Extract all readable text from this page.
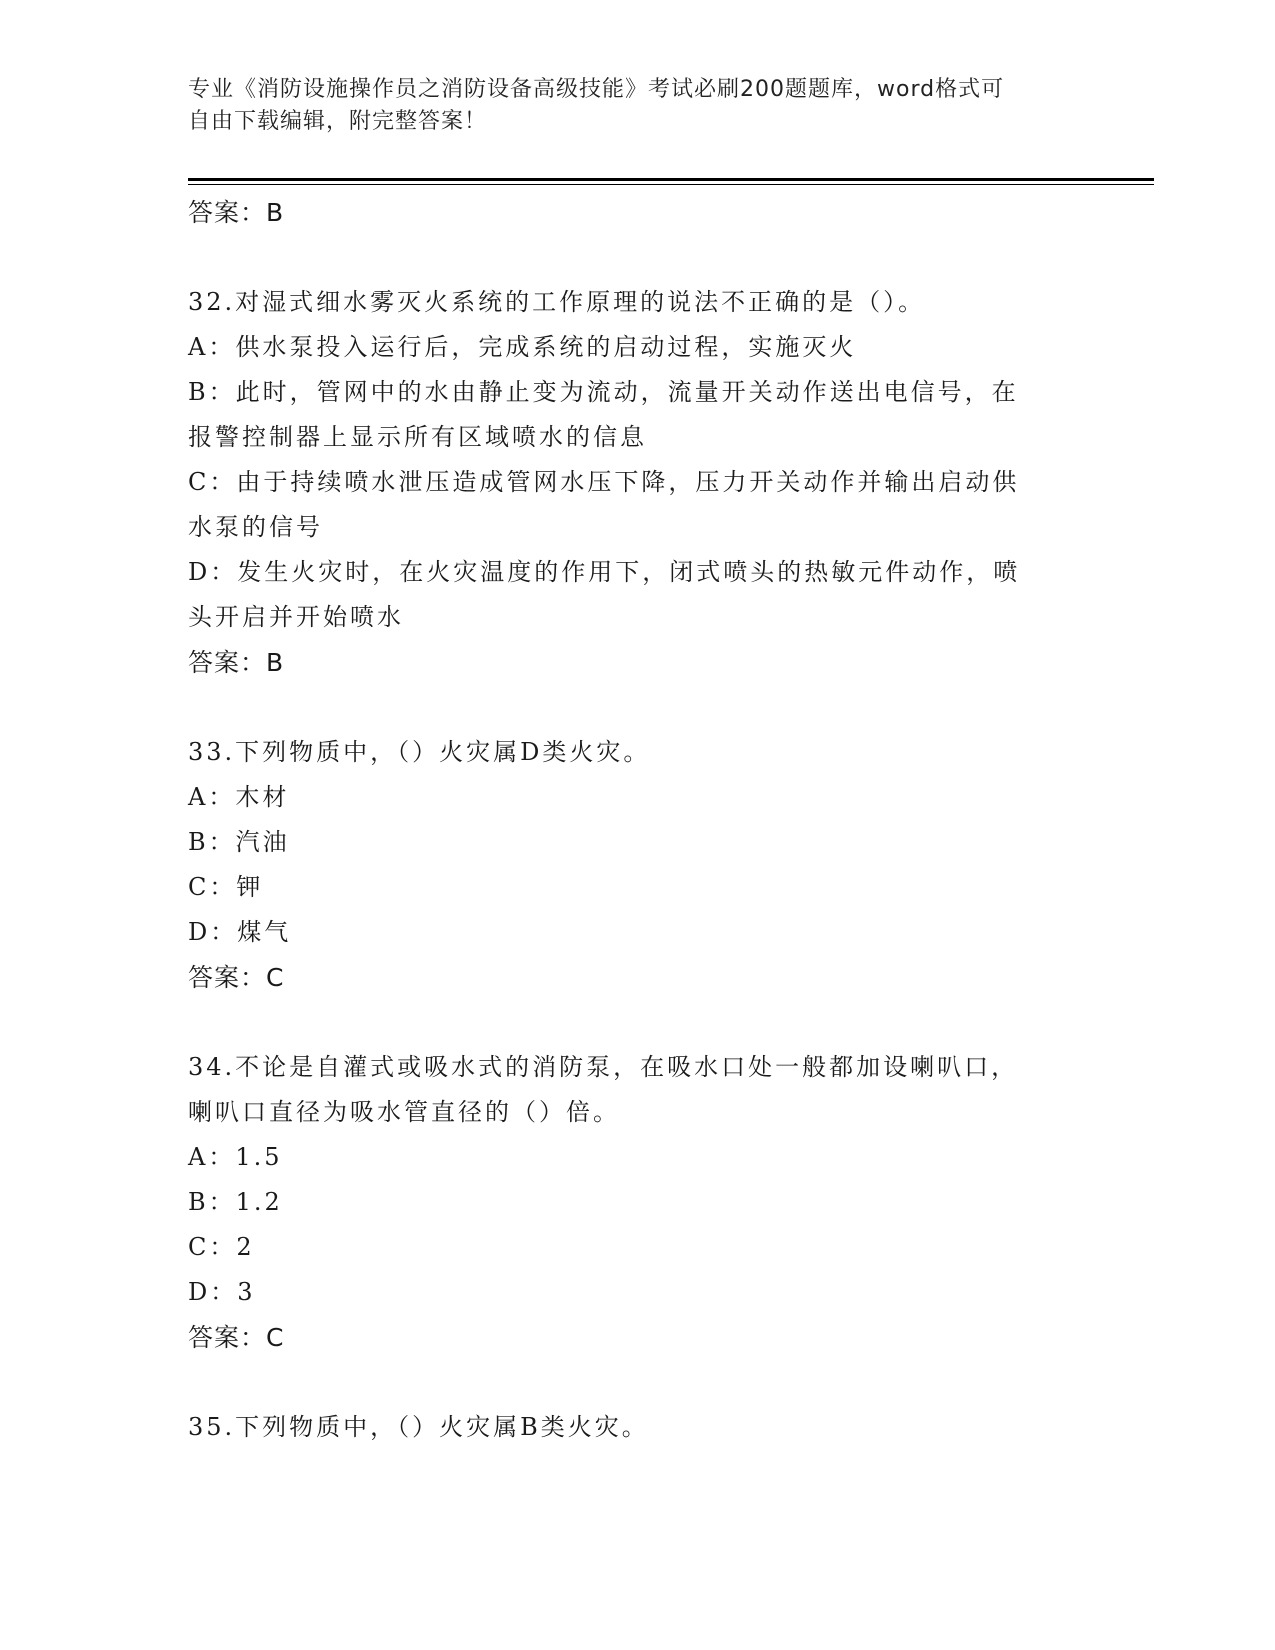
专业《消防设施操作员之消防设备高级技能》考试必刷200题题库，word格式可
自由下载编辑，附完整答案！
答案：B
32.对湿式细水雾灭火系统的工作原理的说法不正确的是（）。
A：供水泵投入运行后，完成系统的启动过程，实施灭火
B：此时，管网中的水由静止变为流动，流量开关动作送出电信号，在
报警控制器上显示所有区域喷水的信息
C：由于持续喷水泄压造成管网水压下降，压力开关动作并输出启动供
水泵的信号
D：发生火灾时，在火灾温度的作用下，闭式喷头的热敏元件动作，喷
头开启并开始喷水
答案：B
33.下列物质中，（）火灾属D类火灾。
A：木材
B：汽油
C：钾
D：煤气
答案：C
34.不论是自灌式或吸水式的消防泵，在吸水口处一般都加设喇叭口，
喇叭口直径为吸水管直径的（）倍。
A：1.5
B：1.2
C：2
D：3
答案：C
35.下列物质中，（）火灾属B类火灾。
